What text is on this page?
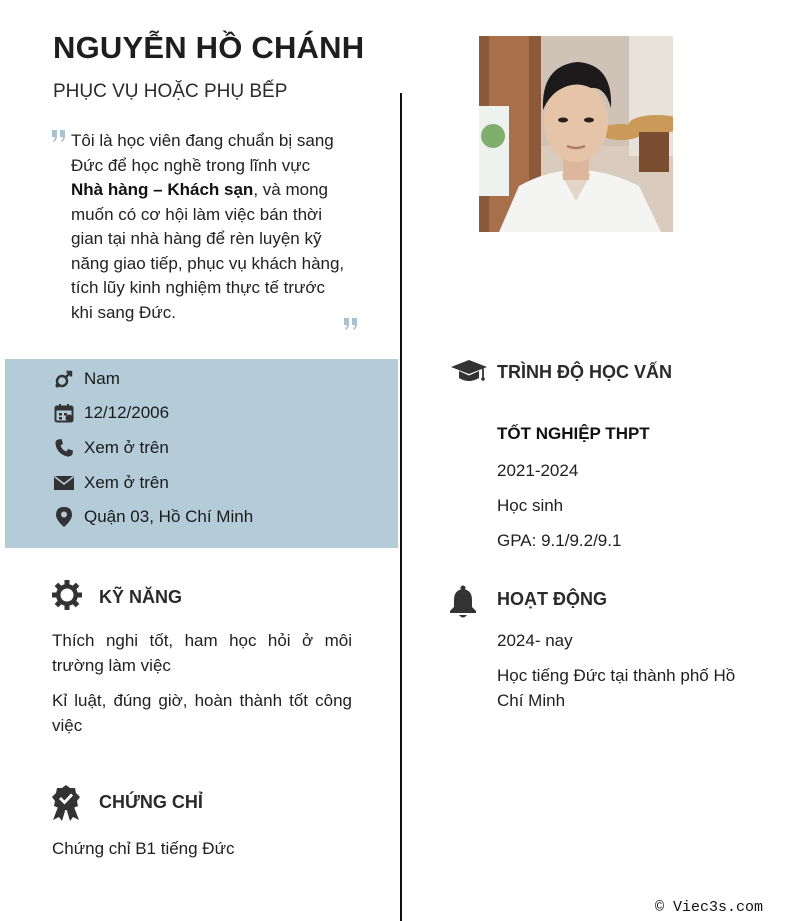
NGUYỄN HỒ CHÁNH
PHỤC VỤ HOẶC PHỤ BẾP
Tôi là học viên đang chuẩn bị sang Đức để học nghề trong lĩnh vực Nhà hàng – Khách sạn, và mong muốn có cơ hội làm việc bán thời gian tại nhà hàng để rèn luyện kỹ năng giao tiếp, phục vụ khách hàng, tích lũy kinh nghiệm thực tế trước khi sang Đức.
Nam
12/12/2006
Xem ở trên
Xem ở trên
Quận 03, Hồ Chí Minh
KỸ NĂNG
Thích nghi tốt, ham học hỏi ở môi trường làm việc
Kỉ luật, đúng giờ, hoàn thành tốt công việc
CHỨNG CHỈ
Chứng chỉ B1 tiếng Đức
TRÌNH ĐỘ HỌC VẤN
TỐT NGHIỆP THPT
2021-2024
Học sinh
GPA: 9.1/9.2/9.1
HOẠT ĐỘNG
2024- nay
Học tiếng Đức tại thành phố Hồ Chí Minh
© Viec3s.com
